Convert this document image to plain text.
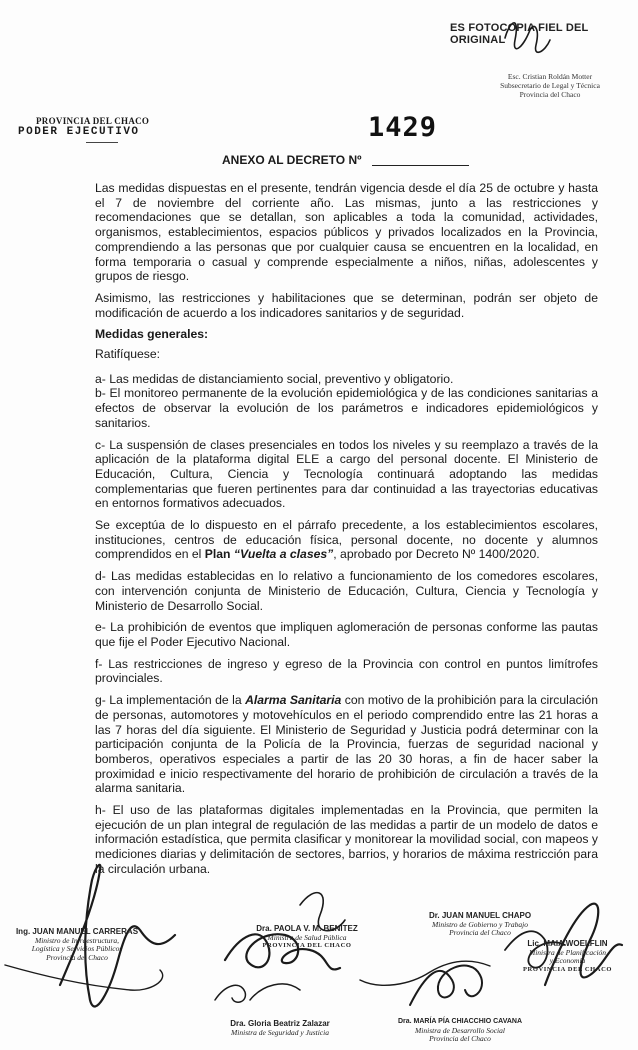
ES FOTOCOPIA FIEL DEL ORIGINAL
Esc. Cristian Roldán Motter
Subsecretario de Legal y Técnica
Provincia del Chaco
PROVINCIA DEL CHACO
PODER EJECUTIVO	1429
ANEXO AL DECRETO Nº

Las medidas dispuestas en el presente, tendrán vigencia desde el día 25 de octubre y hasta el 7 de noviembre del corriente año. Las mismas, junto a las restricciones y recomendaciones que se detallan, son aplicables a toda la comunidad, actividades, organismos, establecimientos, espacios públicos y privados localizados en la Provincia, comprendiendo a las personas que por cualquier causa se encuentren en la localidad, en forma temporaria o casual y comprende especialmente a niños, niñas, adolescentes y grupos de riesgo.

Asimismo, las restricciones y habilitaciones que se determinan, podrán ser objeto de modificación de acuerdo a los indicadores sanitarios y de seguridad.

Medidas generales:

Ratifíquese:

a- Las medidas de distanciamiento social, preventivo y obligatorio.

b- El monitoreo permanente de la evolución epidemiológica y de las condiciones sanitarias a efectos de observar la evolución de los parámetros e indicadores epidemiológicos y sanitarios.

c- La suspensión de clases presenciales en todos los niveles y su reemplazo a través de la aplicación de la plataforma digital ELE a cargo del personal docente. El Ministerio de Educación, Cultura, Ciencia y Tecnología continuará adoptando las medidas complementarias que fueren pertinentes para dar continuidad a las trayectorias educativas en entornos formativos adecuados.

Se exceptúa de lo dispuesto en el párrafo precedente, a los establecimientos escolares, instituciones, centros de educación física, personal docente, no docente y alumnos comprendidos en el Plan “Vuelta a clases”, aprobado por Decreto Nº 1400/2020.

d- Las medidas establecidas en lo relativo a funcionamiento de los comedores escolares, con intervención conjunta de Ministerio de Educación, Cultura, Ciencia y Tecnología y Ministerio de Desarrollo Social.

e- La prohibición de eventos que impliquen aglomeración de personas conforme las pautas que fije el Poder Ejecutivo Nacional.

f- Las restricciones de ingreso y egreso de la Provincia con control en puntos limítrofes provinciales.

g- La implementación de la Alarma Sanitaria con motivo de la prohibición para la circulación de personas, automotores y motovehículos en el periodo comprendido entre las 21 horas a las 7 horas del día siguiente. El Ministerio de Seguridad y Justicia podrá determinar con la participación conjunta de la Policía de la Provincia, fuerzas de seguridad nacional y bomberos, operativos especiales a partir de las 20 30 horas, a fin de hacer saber la proximidad e inicio respectivamente del horario de prohibición de circulación a través de la alarma sanitaria.

h- El uso de las plataformas digitales implementadas en la Provincia, que permiten la ejecución de un plan integral de regulación de las medidas a partir de un modelo de datos e información estadística, que permita clasificar y monitorear la movilidad social, con mapeos y mediciones diarias y delimitación de sectores, barrios, y horarios de máxima restricción para la circulación urbana.

Ing. JUAN MANUEL CARRERAS
Ministro de Infraestructura,
Logística y Servicios Públicos
Provincia del Chaco
Dra. PAOLA V. M. BENITEZ
Ministra de Salud Pública
PROVINCIA DEL CHACO
Dr. JUAN MANUEL CHAPO
Ministro de Gobierno y Trabajo
Provincia del Chaco
Lic. MAIA WOELFLIN
Ministra de Planificación
y Economía
PROVINCIA DEL CHACO
Dra. Gloria Beatriz Zalazar
Ministra de Seguridad y Justicia
Dra. MARÍA PÍA CHIACCHIO CAVANA
Ministra de Desarrollo Social
Provincia del Chaco
